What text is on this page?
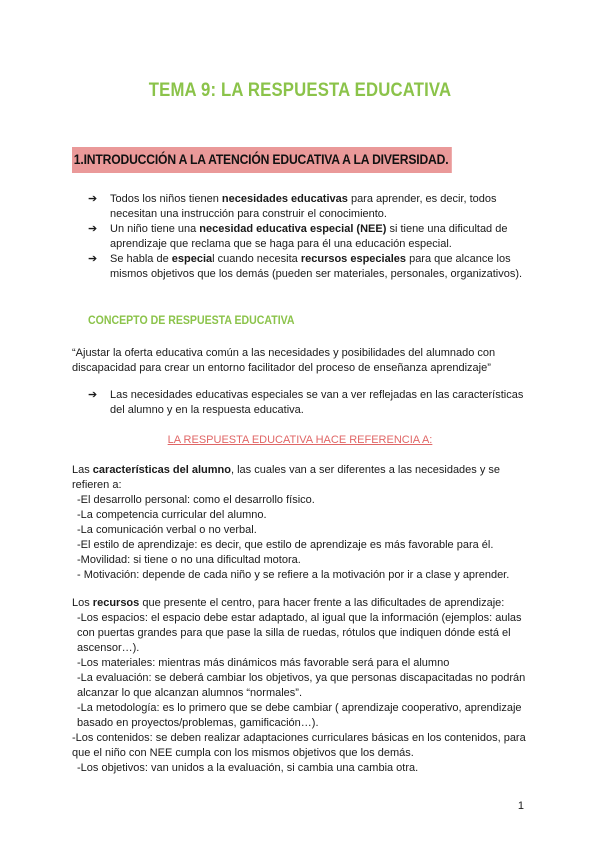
TEMA 9: LA RESPUESTA EDUCATIVA
1.INTRODUCCIÓN A LA ATENCIÓN EDUCATIVA A LA DIVERSIDAD.
➔ Todos los niños tienen necesidades educativas para aprender, es decir, todos necesitan una instrucción para construir el conocimiento.
➔ Un niño tiene una necesidad educativa especial (NEE) si tiene una dificultad de aprendizaje que reclama que se haga para él una educación especial.
➔ Se habla de especial cuando necesita recursos especiales para que alcance los mismos objetivos que los demás (pueden ser materiales, personales, organizativos).
CONCEPTO DE RESPUESTA EDUCATIVA
“Ajustar la oferta educativa común a las necesidades y posibilidades del alumnado con discapacidad para crear un entorno facilitador del proceso de enseñanza aprendizaje”
➔ Las necesidades educativas especiales se van a ver reflejadas en las características del alumno y en la respuesta educativa.
LA RESPUESTA EDUCATIVA HACE REFERENCIA A:

Las características del alumno, las cuales van a ser diferentes a las necesidades y se refieren a:

-El desarrollo personal: como el desarrollo físico.

-La competencia curricular del alumno.

-La comunicación verbal o no verbal.

-El estilo de aprendizaje: es decir, que estilo de aprendizaje es más favorable para él.

-Movilidad: si tiene o no una dificultad motora.

- Motivación: depende de cada niño y se refiere a la motivación por ir a clase y aprender.

Los recursos que presente el centro, para hacer frente a las dificultades de aprendizaje:

-Los espacios: el espacio debe estar adaptado, al igual que la información (ejemplos: aulas con puertas grandes para que pase la silla de ruedas, rótulos que indiquen dónde está el ascensor…).

-Los materiales: mientras más dinámicos más favorable será para el alumno

-La evaluación: se deberá cambiar los objetivos, ya que personas discapacitadas no podrán alcanzar lo que alcanzan alumnos “normales”.

-La metodología: es lo primero que se debe cambiar ( aprendizaje cooperativo, aprendizaje basado en proyectos/problemas, gamificación…).

-Los contenidos: se deben realizar adaptaciones curriculares básicas en los contenidos, para que el niño con NEE cumpla con los mismos objetivos que los demás.

-Los objetivos: van unidos a la evaluación, si cambia una cambia otra.

1
